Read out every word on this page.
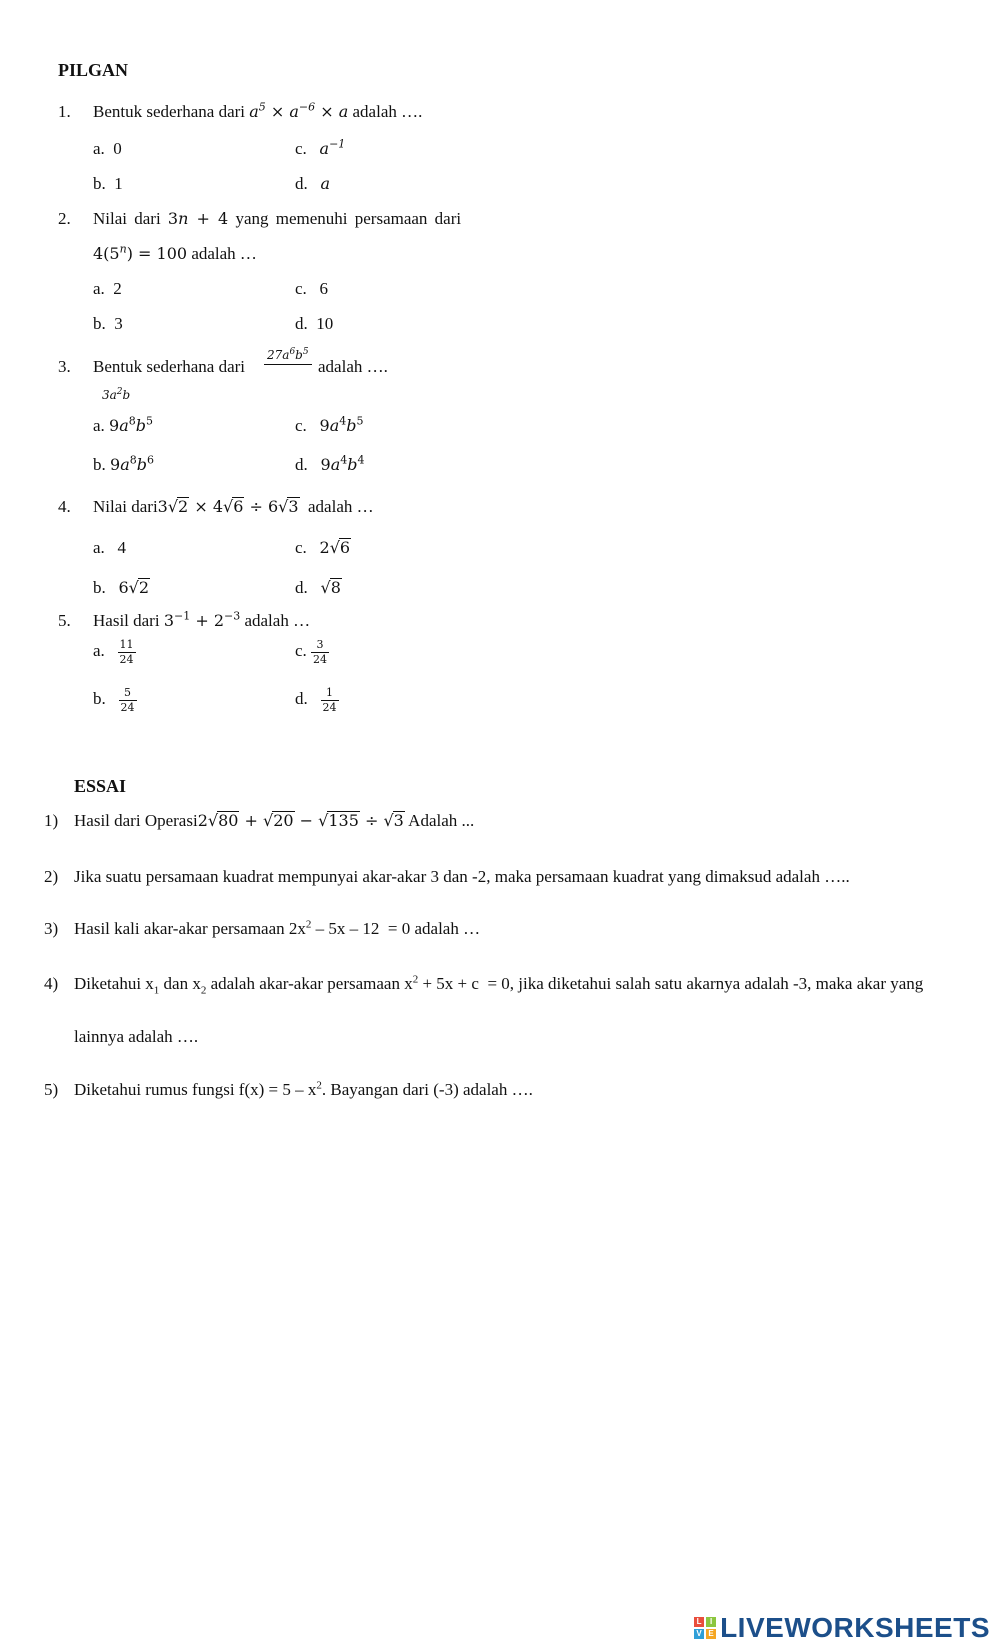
PILGAN
1. Bentuk sederhana dari $a^5 \times a^{-6} \times a$ adalah ….
a. 0	c. $a^{-1}$
b. 1	d. a
2. Nilai dari 3n + 4 yang memenuhi persamaan dari
$4(5^n) = 100$ adalah …
a. 2	c. 6
b. 3	d. 10
3. Bentuk sederhana dari
$27a^6b^5$
adalah ….
$3a^2b$
a. $9a^8b^5$	c. $9a^4b^5$
b. $9a^8b^6$	d. $9a^4b^4$
4. Nilai dari3√2 × 4√6 ÷ 6√3 adalah …
a. 4	c. 2√6
b. 6√2	d. √8
5. Hasil dari $3^{-1} + 2^{-3}$ adalah …
a. $\frac{11}{24}$	c. $\frac{3}{24}$
b. $\frac{5}{24}$	d. $\frac{1}{24}$
ESSAI
1) Hasil dari Operasi2√80 + √20 − √135 ÷ √3 Adalah ...
2) Jika suatu persamaan kuadrat mempunyai akar-akar 3 dan -2, maka persamaan kuadrat yang dimaksud adalah …..
3) Hasil kali akar-akar persamaan $2x^2 - 5x - 12 = 0$ adalah …
4) Diketahui $x_1$ dan $x_2$ adalah akar-akar persamaan $x^2 + 5x + c = 0$, jika diketahui salah satu akarnya adalah -3, maka akar yang
lainnya adalah ….
5) Diketahui rumus fungsi $f(x) = 5 - x^2$. Bayangan dari (-3) adalah ….
L	I
V E LIVEWORKSHEETS
